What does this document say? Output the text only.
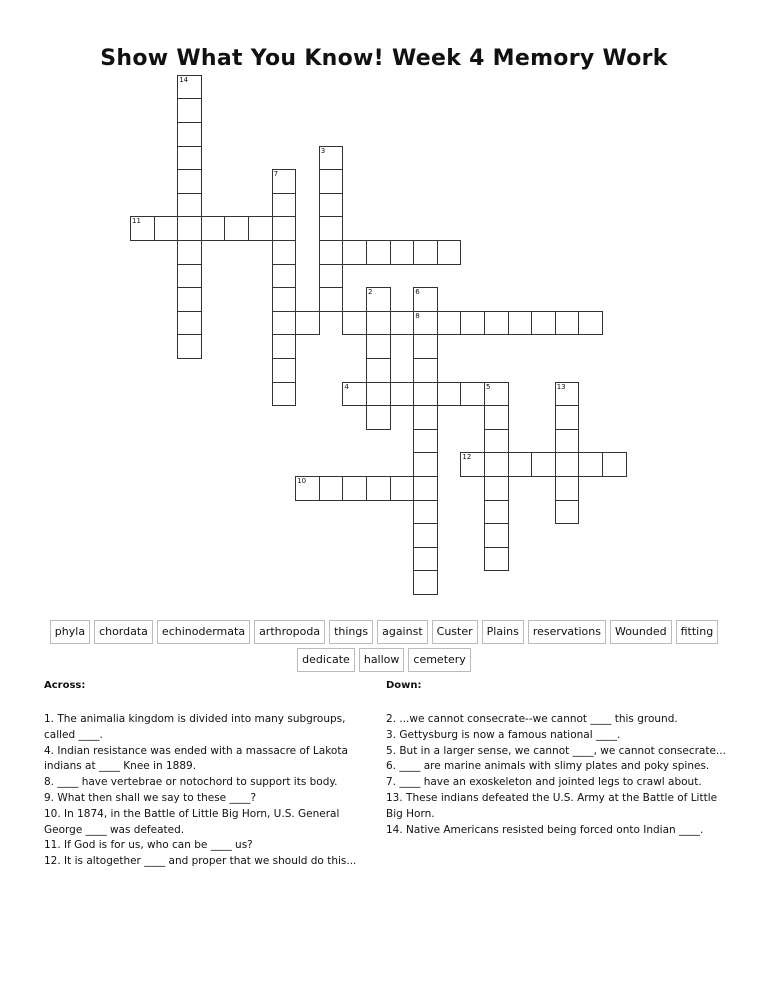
Show What You Know! Week 4 Memory Work
14
3
7
11
2	6
8
4	5	13
12
10
phyla	chordata	echinodermata	arthropoda	things	against	Custer	Plains	reservations	Wounded	fitting
dedicate	hallow	cemetery
Across:	Down:
1. The animalia kingdom is divided into many subgroups, called ____.
4. Indian resistance was ended with a massacre of Lakota indians at ____ Knee in 1889.
8. ____ have vertebrae or notochord to support its body.
9. What then shall we say to these ____?
10. In 1874, in the Battle of Little Big Horn, U.S. General George ____ was defeated.
11. If God is for us, who can be ____ us?
12. It is altogether ____ and proper that we should do this...
2. ...we cannot consecrate--we cannot ____ this ground.
3. Gettysburg is now a famous national ____.
5. But in a larger sense, we cannot ____, we cannot consecrate...
6. ____ are marine animals with slimy plates and poky spines.
7. ____ have an exoskeleton and jointed legs to crawl about.
13. These indians defeated the U.S. Army at the Battle of Little Big Horn.
14. Native Americans resisted being forced onto Indian ____.
